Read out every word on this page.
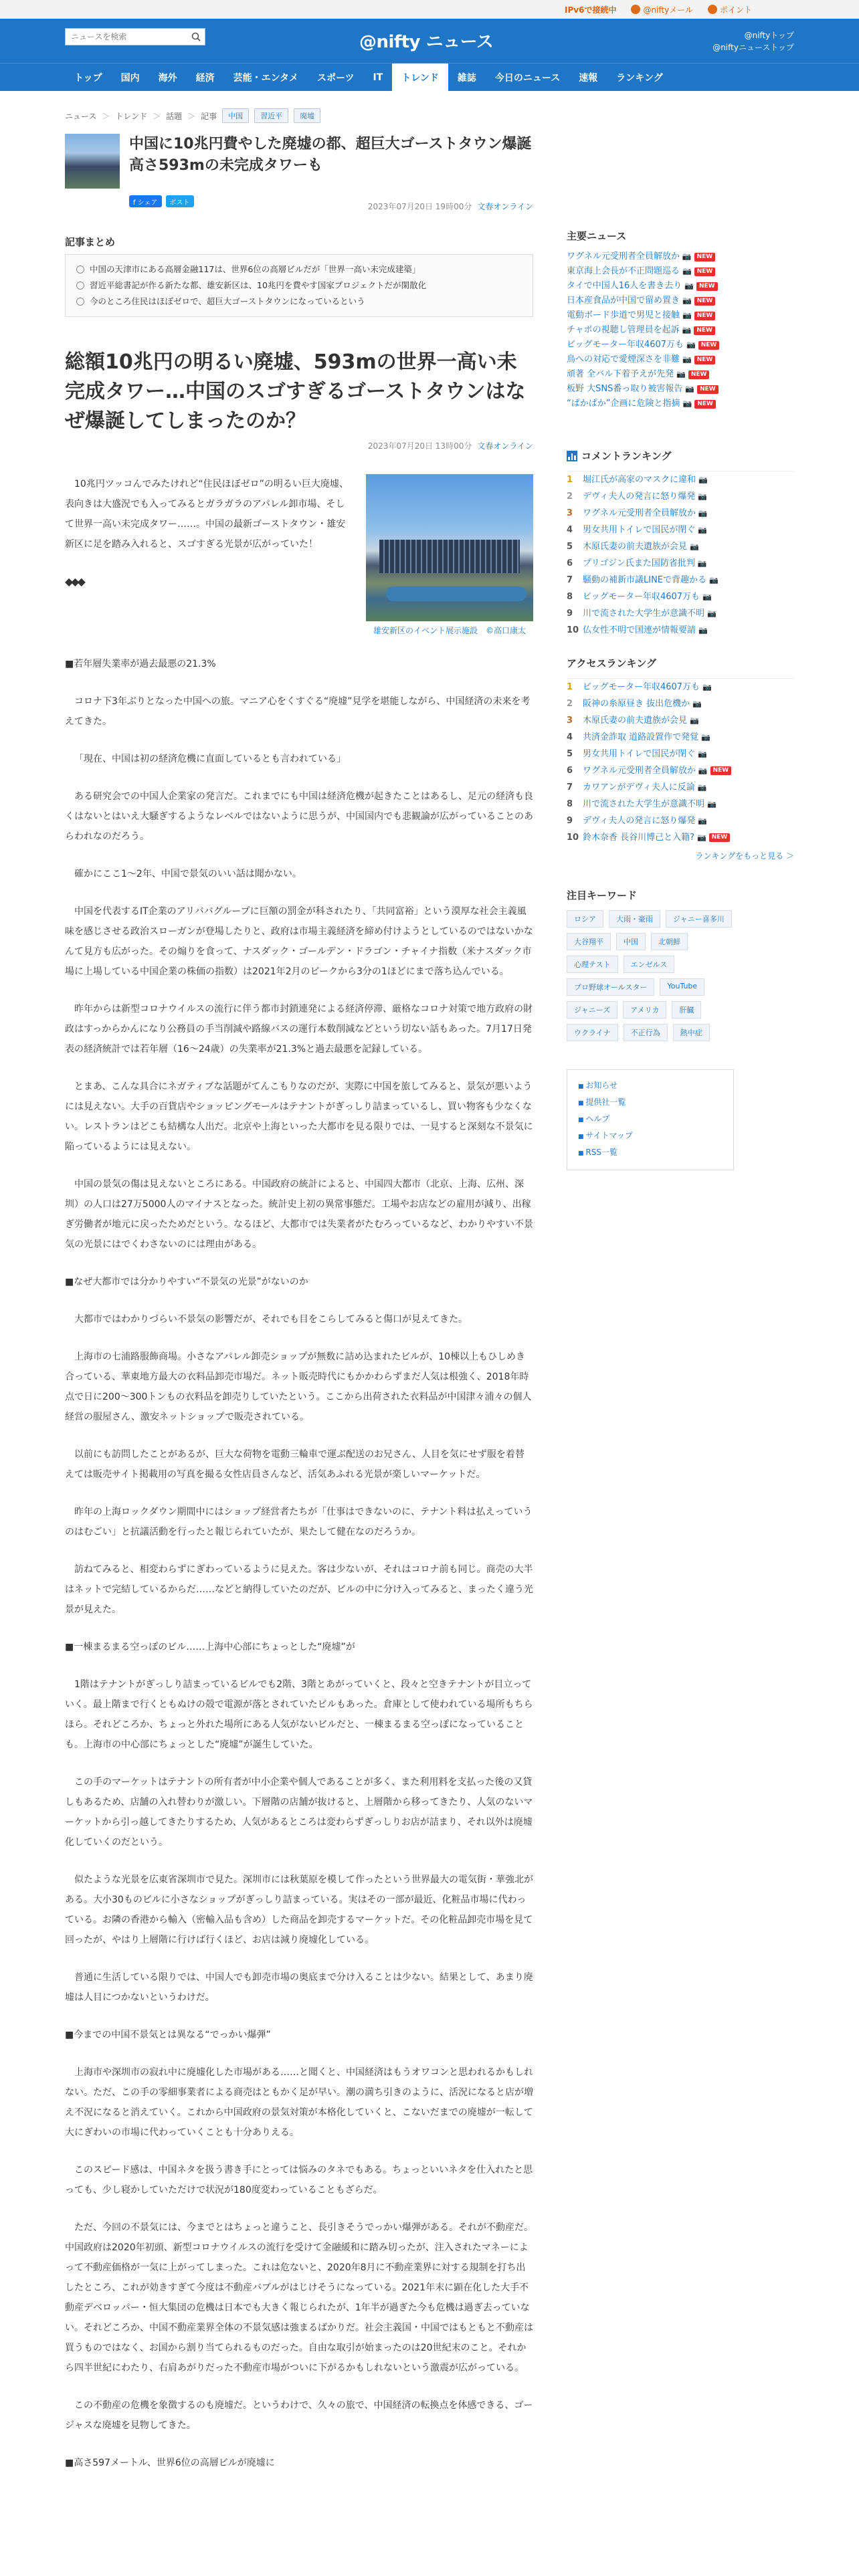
IPv6で接続中	@niftyメール	ポイント
ニュースを検索
@nifty ニュース	@niftyトップ
@niftyニューストップ
トップ	国内	海外	経済	芸能・エンタメ	スポーツ	IT	トレンド	雑誌	今日のニュース	速報	ランキング
ニュース ＞ トレンド ＞ 話題 ＞ 記事	中国	習近平	廃墟
中国に10兆円費やした廃墟の都、超巨大ゴーストタウン爆誕　高さ593mの未完成タワーも
f シェア	ポスト	2023年07月20日 19時00分 文春オンライン
記事まとめ
中国の天津市にある高層金融117は、世界6位の高層ビルだが「世界一高い未完成建築」
習近平総書記が作る新たな都、雄安新区は、10兆円を費やす国家プロジェクトだが閑散化
今のところ住民はほぼゼロで、超巨大ゴーストタウンになっているという
総額10兆円の明るい廃墟、593mの世界一高い未完成タワー…中国のスゴすぎるゴーストタウンはなぜ爆誕してしまったのか？
2023年07月20日 13時00分 文春オンライン

10兆円ツッコんでみたけれど“住民ほぼゼロ”の明るい巨大廃墟、表向きは大盛況でも入ってみるとガラガラのアパレル卸市場、そして世界一高い未完成タワー……。中国の最新ゴーストタウン・雄安新区に足を踏み入れると、スゴすぎる光景が広がっていた！

◆◆◆
雄安新区のイベント展示施設　©高口康太

■若年層失業率が過去最悪の21.3%

コロナ下3年ぶりとなった中国への旅。マニア心をくすぐる“廃墟”見学を堪能しながら、中国経済の未来を考えてきた。

「現在、中国は初の経済危機に直面しているとも言われている」

ある研究会での中国人企業家の発言だ。これまでにも中国は経済危機が起きたことはあるし、足元の経済も良くはないとはいえ大騒ぎするようなレベルではないように思うが、中国国内でも悲観論が広がっていることのあらわれなのだろう。

確かにここ1〜2年、中国で景気のいい話は聞かない。

中国を代表するIT企業のアリババグループに巨額の罰金が科されたり、「共同富裕」という漠厚な社会主義風味を感じさせる政治スローガンが登場したりと、政府は市場主義経済を締め付けようとしているのではないかなんて見方も広がった。その煽りを食って、ナスダック・ゴールデン・ドラゴン・チャイナ指数（米ナスダック市場に上場している中国企業の株価の指数）は2021年2月のピークから3分の1ほどにまで落ち込んでいる。

昨年からは新型コロナウイルスの流行に伴う都市封鎖連発による経済停滞、厳格なコロナ対策で地方政府の財政はすっからかんになり公務員の手当削減や路線バスの運行本数削減などという切ない話もあった。7月17日発表の経済統計では若年層（16〜24歳）の失業率が21.3%と過去最悪を記録している。

とまあ、こんな具合にネガティブな話題がてんこもりなのだが、実際に中国を旅してみると、景気が悪いようには見えない。大手の百貨店やショッピングモールはテナントがぎっしり詰まっているし、買い物客も少なくない。レストランはどこも結構な人出だ。北京や上海といった大都市を見る限りでは、一見すると深刻な不景気に陥っているようには見えない。

中国の景気の傷は見えないところにある。中国政府の統計によると、中国四大都市（北京、上海、広州、深圳）の人口は27万5000人のマイナスとなった。統計史上初の異常事態だ。工場やお店などの雇用が減り、出稼ぎ労働者が地元に戻ったためだという。なるほど、大都市では失業者がたむろっているなど、わかりやすい不景気の光景にはでくわさないのには理由がある。

■なぜ大都市では分かりやすい“不景気の光景”がないのか

大都市ではわかりづらい不景気の影響だが、それでも目をこらしてみると傷口が見えてきた。

上海市の七浦路服飾商場。小さなアパレル卸売ショップが無数に詰め込まれたビルが、10棟以上もひしめき合っている、華東地方最大の衣料品卸売市場だ。ネット販売時代にもかかわらずまだ人気は根強く、2018年時点で日に200〜300トンもの衣料品を卸売りしていたという。ここから出荷された衣料品が中国津々浦々の個人経営の服屋さん、激安ネットショップで販売されている。

以前にも訪問したことがあるが、巨大な荷物を電動三輪車で運ぶ配送のお兄さん、人目を気にせず服を着替えては販売サイト掲載用の写真を撮る女性店員さんなど、活気あふれる光景が楽しいマーケットだ。

昨年の上海ロックダウン期間中にはショップ経営者たちが「仕事はできないのに、テナント料は払えっていうのはむごい」と抗議活動を行ったと報じられていたが、果たして健在なのだろうか。

訪ねてみると、相変わらずにぎわっているように見えた。客は少ないが、それはコロナ前も同じ。商売の大半はネットで完結しているからだ……などと納得していたのだが、ビルの中に分け入ってみると、まったく違う光景が見えた。

■一棟まるまる空っぽのビル……上海中心部にちょっとした“廃墟”が

1階はテナントがぎっしり詰まっているビルでも2階、3階とあがっていくと、段々と空きテナントが目立っていく。最上階まで行くともぬけの殻で電源が落とされていたビルもあった。倉庫として使われている場所もちらほら。それどころか、ちょっと外れた場所にある人気がないビルだと、一棟まるまる空っぽになっていることも。上海市の中心部にちょっとした“廃墟”が誕生していた。

この手のマーケットはテナントの所有者が中小企業や個人であることが多く、また利用料を支払った後の又貸しもあるため、店舗の入れ替わりが激しい。下層階の店舗が抜けると、上層階から移ってきたり、人気のないマーケットから引っ越してきたりするため、人気があるところは変わらずぎっしりお店が詰まり、それ以外は廃墟化していくのだという。

似たような光景を広東省深圳市で見た。深圳市には秋葉原を模して作ったという世界最大の電気街・華強北がある。大小30ものビルに小さなショップがぎっしり詰まっている。実はその一部が最近、化粧品市場に代わっている。お隣の香港から輸入（密輸入品も含め）した商品を卸売するマーケットだ。その化粧品卸売市場を見て回ったが、やはり上層階に行けば行くほど、お店は減り廃墟化している。

普通に生活している限りでは、中国人でも卸売市場の奥底まで分け入ることは少ない。結果として、あまり廃墟は人目につかないというわけだ。

■今までの中国不景気とは異なる“でっかい爆弾”

上海市や深圳市の寂れ中に廃墟化した市場がある……と聞くと、中国経済はもうオワコンと思われるかもしれない。ただ、この手の零細事業者による商売はともかく足が早い。潮の満ち引きのように、活況になると店が増え不況になると消えていく。これから中国政府の景気対策が本格化していくと、こないだまでの廃墟が一転して大にぎわいの市場に代わっていくことも十分ありえる。

このスピード感は、中国ネタを扱う書き手にとっては悩みのタネでもある。ちょっといいネタを仕入れたと思っても、少し寝かしていただけで状況が180度変わっていることもざらだ。

ただ、今回の不景気には、今までとはちょっと違うこと、長引きそうでっかい爆弾がある。それが不動産だ。中国政府は2020年初頭、新型コロナウイルスの流行を受けて金融緩和に踏み切ったが、注入されたマネーによって不動産価格が一気に上がってしまった。これは危ないと、2020年8月に不動産業界に対する規制を打ち出したところ、これが効きすぎて今度は不動産バブルがはじけそうになっている。2021年末に顕在化した大手不動産デベロッパー・恒大集団の危機は日本でも大きく報じられたが、1年半が過ぎた今も危機は過ぎ去っていない。それどころか、中国不動産業界全体の不景気感は強まるばかりだ。社会主義国・中国ではもともと不動産は買うものではなく、お国から割り当てられるものだった。自由な取引が始まったのは20世紀末のこと。それから四半世紀にわたり、右肩あがりだった不動産市場がついに下がるかもしれないという激震が広がっている。

この不動産の危機を象徴するのも廃墟だ。というわけで、久々の旅で、中国経済の転換点を体感できる、ゴージャスな廃墟を見物してきた。

■高さ597メートル、世界6位の高層ビルが廃墟に

主要ニュース
ワグネル元受刑者全員解放か 📷 NEW
東京海上会長が不正問題巡る 📷 NEW
タイで中国人16人を書き去り 📷 NEW
日本産食品が中国で留め置き 📷 NEW
電動ボード歩道で男児と接触 📷 NEW
チャポの視聴し管理員を起訴 📷 NEW
ビッグモーター年収4607万も 📷 NEW
鳥への対応で愛煙深さを非難 📷 NEW
頑著 全バル下着予えが先発 📷 NEW
板野 大SNS番っ取り被害報告 📷 NEW
“ぱかぱか”企画に危険と指摘 📷 NEW
コメントランキング
1	堀江氏が高家のマスクに違和 📷
2	デヴィ夫人の発言に怒り爆発 📷
3	ワグネル元受刑者全員解放か 📷
4	男女共用トイレで国民が閉ぐ 📷
5	木原氏妻の前夫遺族が会見 📷
6	プリゴジン氏また国防省批判 📷
7	騒動の補新市議LINEで背趣かる 📷
8	ビッグモーター年収4607万も 📷
9	川で流された大学生が意識不明 📷
10 仏女性不明で国連が情報要請 📷
アクセスランキング
1	ビッグモーター年収4607万も 📷
2	阪神の糸原昼き 抜出危機か 📷
3	木原氏妻の前夫遺族が会見 📷
4	共済金詐取 道路設置作で発覚 📷
5	男女共用トイレで国民が閉ぐ 📷
6	ワグネル元受刑者全員解放か 📷 NEW
7	カワアンがデヴィ夫人に反論 📷
8	川で流された大学生が意識不明 📷
9	デヴィ夫人の発言に怒り爆発 📷
10 鈴木奈香 長谷川博己と入籍? 📷 NEW
ランキングをもっと見る ＞
注目キーワード
ロシア	大雨・豪雨	ジャニー喜多川
大谷翔平	中国	北朝鮮
心理テスト	エンゼルス
プロ野球オールスター	YouTube
ジャニーズ	アメリカ	肝臓
ウクライナ	不正行為	熱中症
■ お知らせ
■ 提供社一覧
■ ヘルプ
■ サイトマップ
■ RSS一覧
